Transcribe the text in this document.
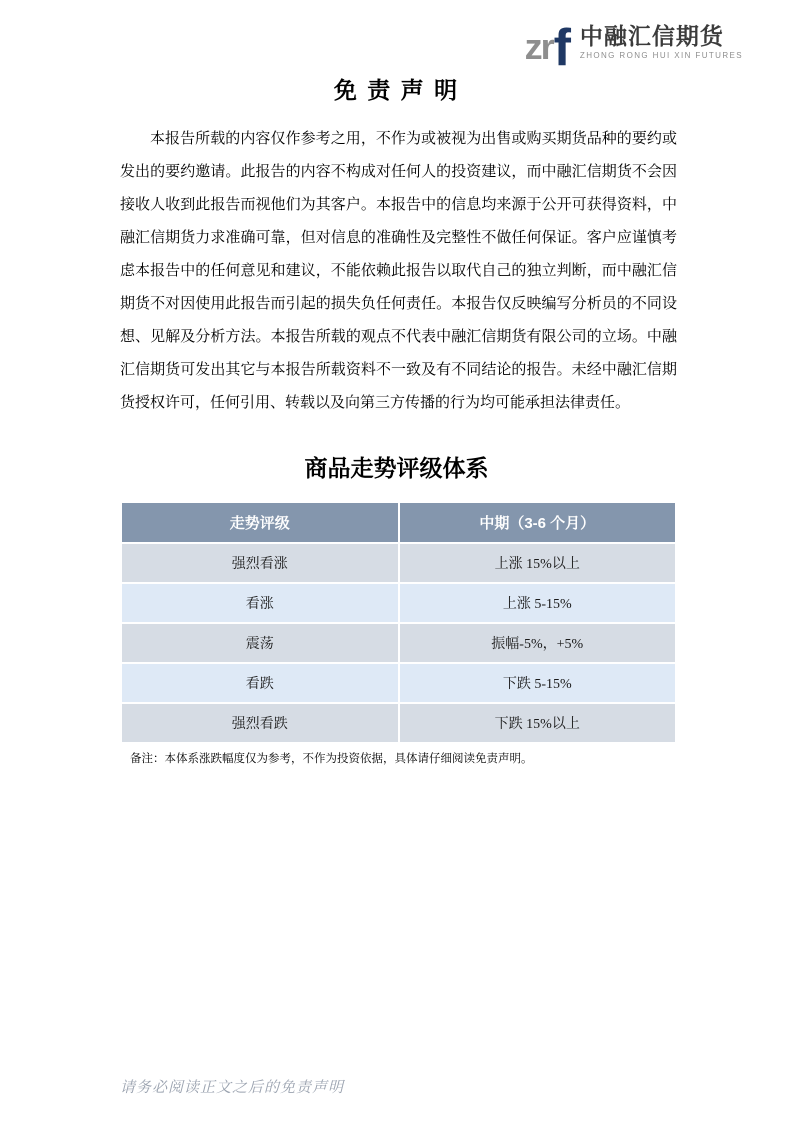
zr f 中融汇信期货
ZHONG RONG HUI XIN FUTURES
免 责 声 明

本报告所载的内容仅作参考之用，不作为或被视为出售或购买期货品种的要约或发出的要约邀请。此报告的内容不构成对任何人的投资建议，而中融汇信期货不会因接收人收到此报告而视他们为其客户。本报告中的信息均来源于公开可获得资料，中融汇信期货力求准确可靠，但对信息的准确性及完整性不做任何保证。客户应谨慎考虑本报告中的任何意见和建议，不能依赖此报告以取代自己的独立判断，而中融汇信期货不对因使用此报告而引起的损失负任何责任。本报告仅反映编写分析员的不同设想、见解及分析方法。本报告所载的观点不代表中融汇信期货有限公司的立场。中融汇信期货可发出其它与本报告所载资料不一致及有不同结论的报告。未经中融汇信期货授权许可，任何引用、转载以及向第三方传播的行为均可能承担法律责任。

商品走势评级体系
走势评级	中期（3-6 个月）
强烈看涨	上涨 15%以上
看涨	上涨 5-15%
震荡	振幅-5%，+5%
看跌	下跌 5-15%
强烈看跌	下跌 15%以上

备注：本体系涨跌幅度仅为参考，不作为投资依据，具体请仔细阅读免责声明。

请务必阅读正文之后的免责声明
